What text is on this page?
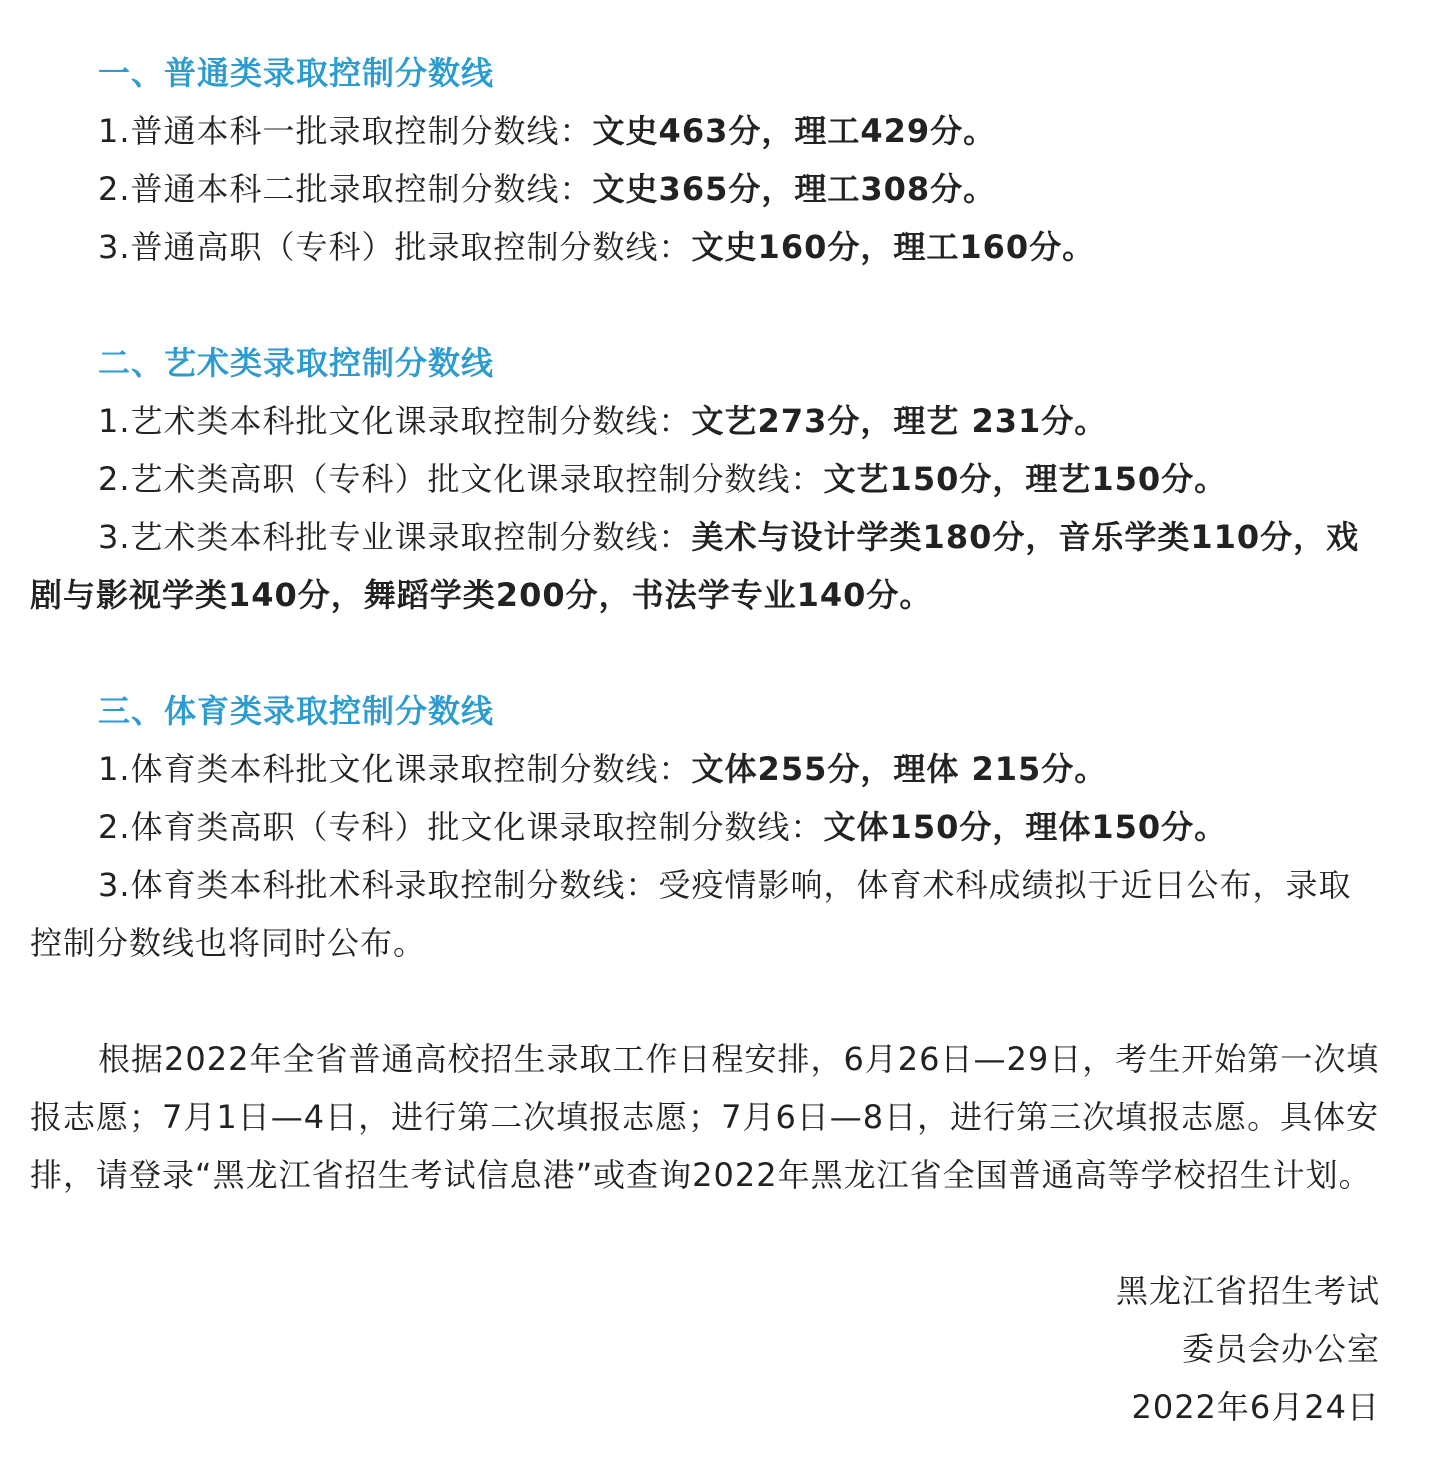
一、普通类录取控制分数线

1.普通本科一批录取控制分数线：文史463分，理工429分。

2.普通本科二批录取控制分数线：文史365分，理工308分。

3.普通高职（专科）批录取控制分数线：文史160分，理工160分。

二、艺术类录取控制分数线

1.艺术类本科批文化课录取控制分数线：文艺273分，理艺 231分。

2.艺术类高职（专科）批文化课录取控制分数线：文艺150分，理艺150分。

3.艺术类本科批专业课录取控制分数线：美术与设计学类180分，音乐学类110分，戏剧与影视学类140分，舞蹈学类200分，书法学专业140分。

三、体育类录取控制分数线

1.体育类本科批文化课录取控制分数线：文体255分，理体 215分。

2.体育类高职（专科）批文化课录取控制分数线：文体150分，理体150分。

3.体育类本科批术科录取控制分数线：受疫情影响，体育术科成绩拟于近日公布，录取控制分数线也将同时公布。

根据2022年全省普通高校招生录取工作日程安排，6月26日—29日，考生开始第一次填报志愿；7月1日—4日，进行第二次填报志愿；7月6日—8日，进行第三次填报志愿。具体安排，请登录“黑龙江省招生考试信息港”或查询2022年黑龙江省全国普通高等学校招生计划。

黑龙江省招生考试
委员会办公室
2022年6月24日
